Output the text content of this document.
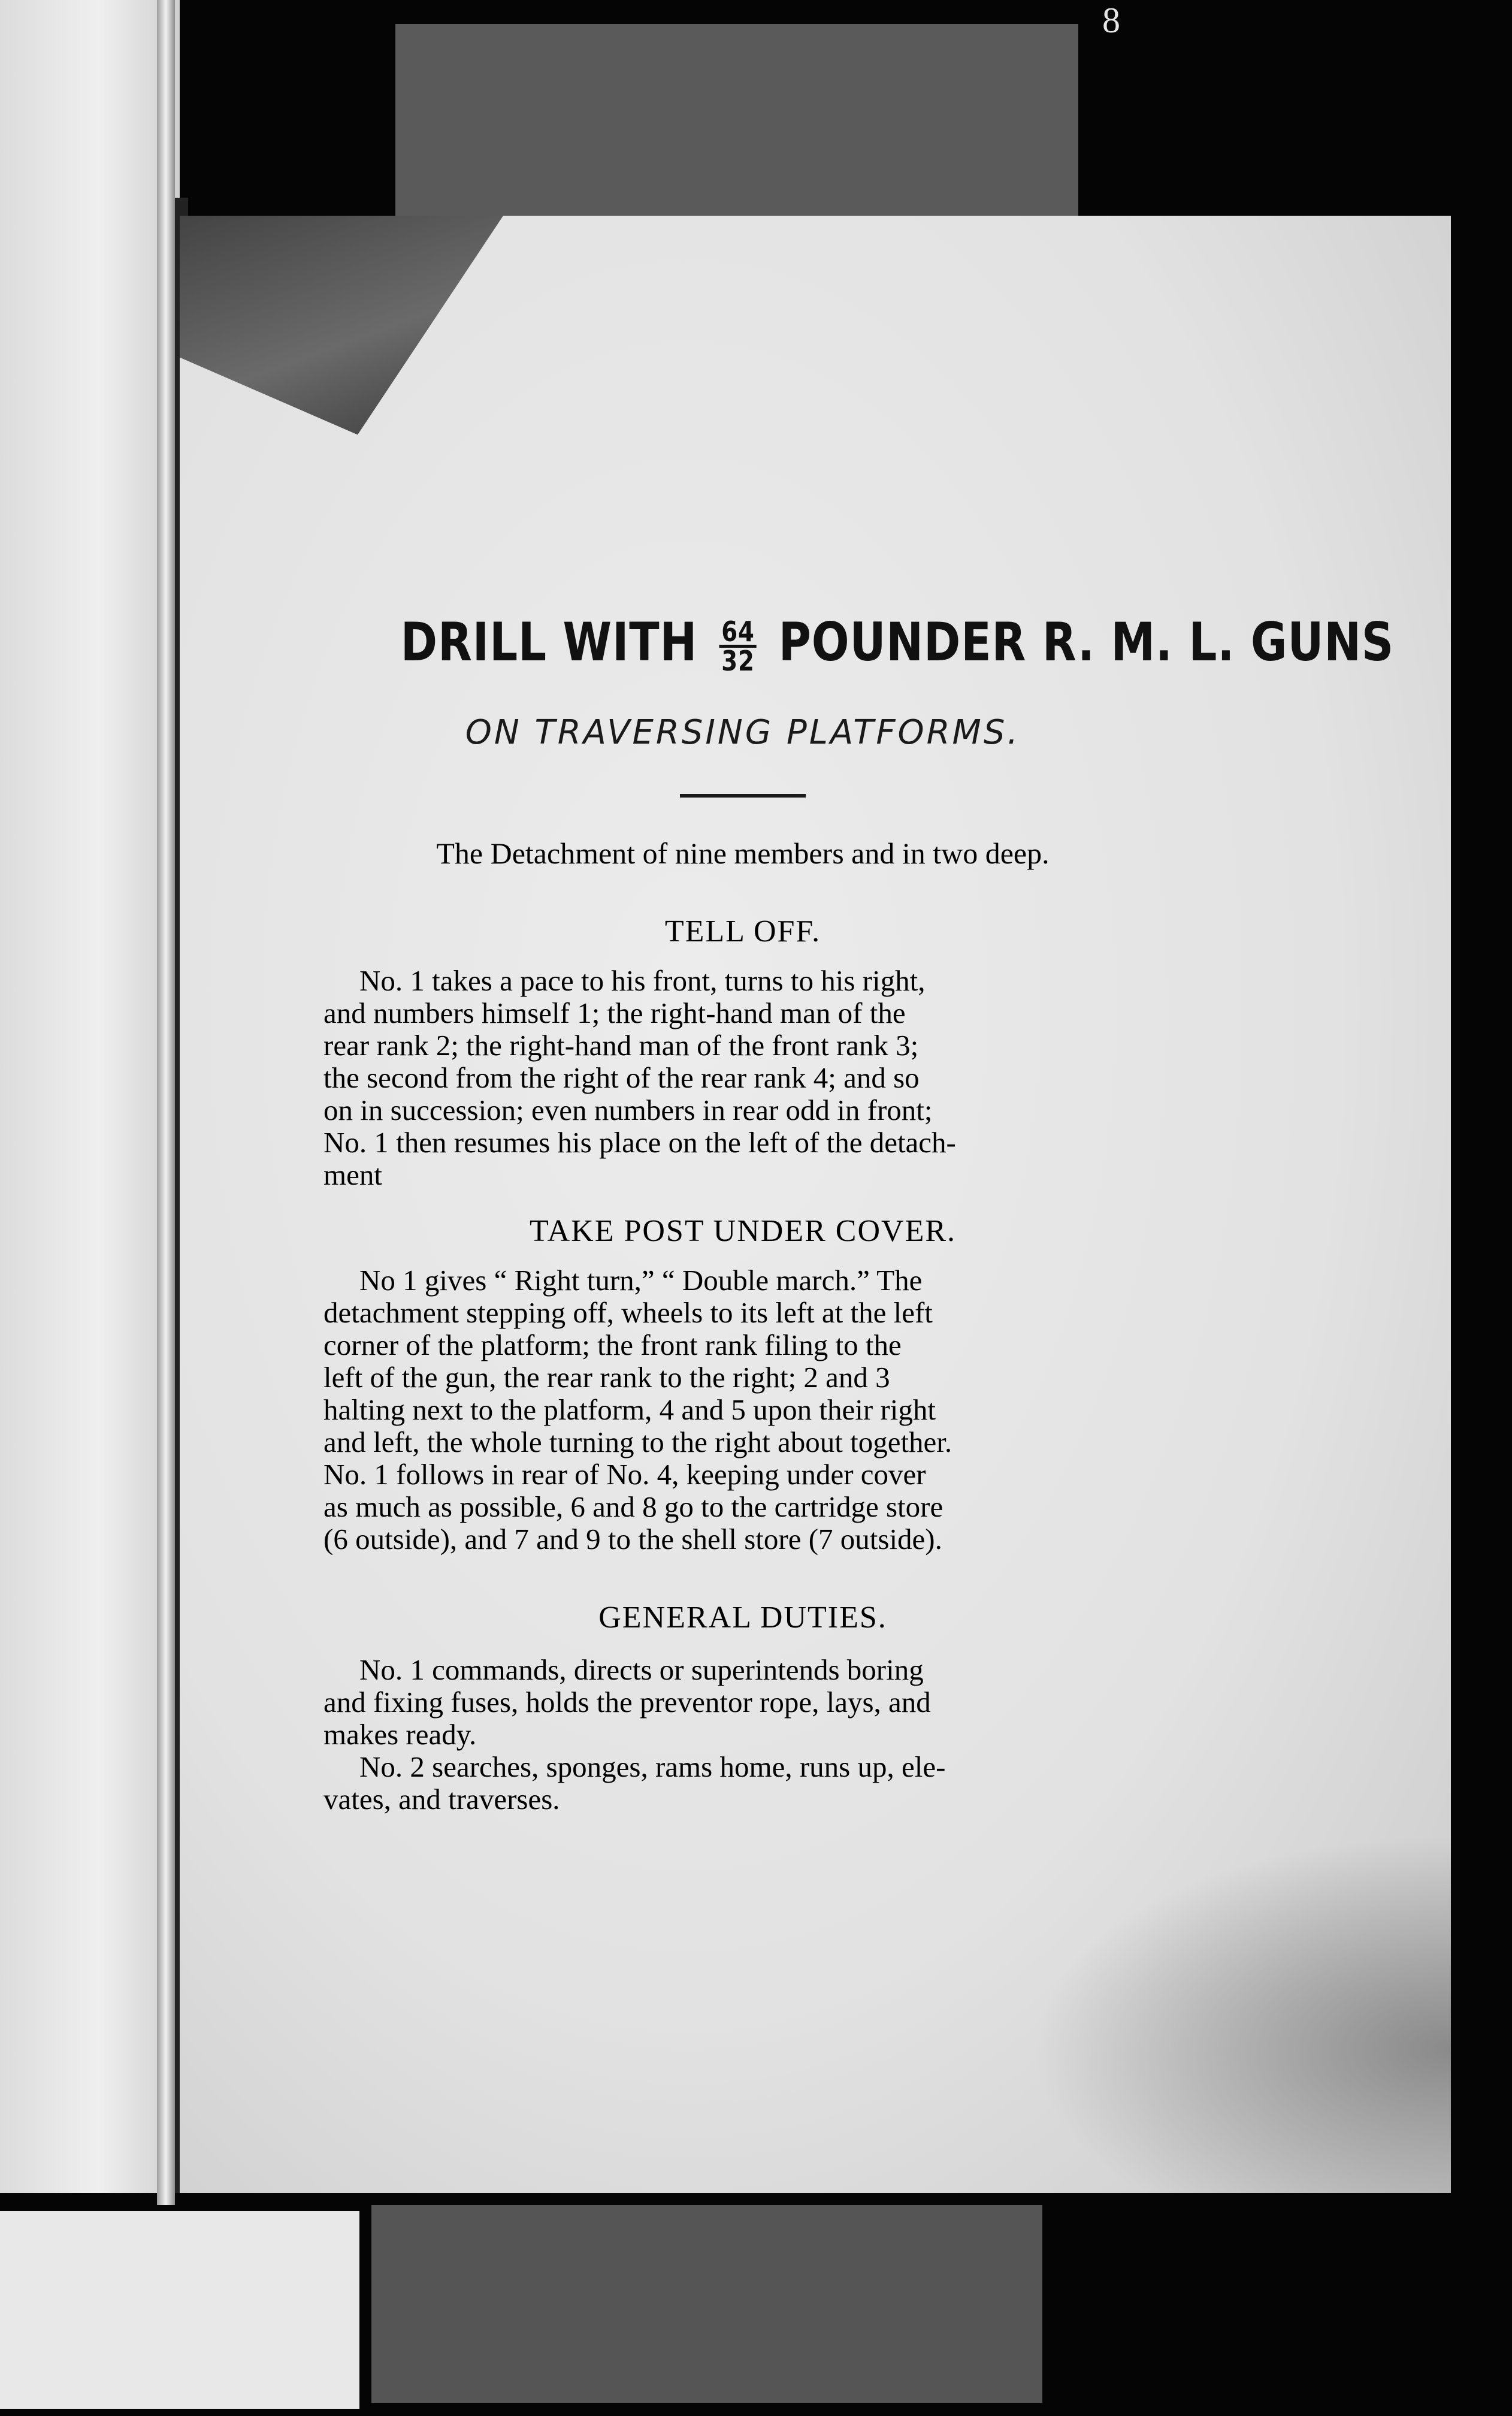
8
DRILL WITH $\frac{64}{32}$ POUNDER R. M. L. GUNS
ON TRAVERSING PLATFORMS.
The Detachment of nine members and in two deep.
TELL OFF.
No. 1 takes a pace to his front, turns to his right,
and numbers himself 1; the right-hand man of the
rear rank 2; the right-hand man of the front rank 3;
the second from the right of the rear rank 4; and so
on in succession; even numbers in rear odd in front;
No. 1 then resumes his place on the left of the detach-
ment
TAKE POST UNDER COVER.
No 1 gives “ Right turn,” “ Double march.” The
detachment stepping off, wheels to its left at the left
corner of the platform; the front rank filing to the
left of the gun, the rear rank to the right; 2 and 3
halting next to the platform, 4 and 5 upon their right
and left, the whole turning to the right about together.
No. 1 follows in rear of No. 4, keeping under cover
as much as possible, 6 and 8 go to the cartridge store
(6 outside), and 7 and 9 to the shell store (7 outside).
GENERAL DUTIES.
No. 1 commands, directs or superintends boring
and fixing fuses, holds the preventor rope, lays, and
makes ready.
No. 2 searches, sponges, rams home, runs up, ele-
vates, and traverses.
